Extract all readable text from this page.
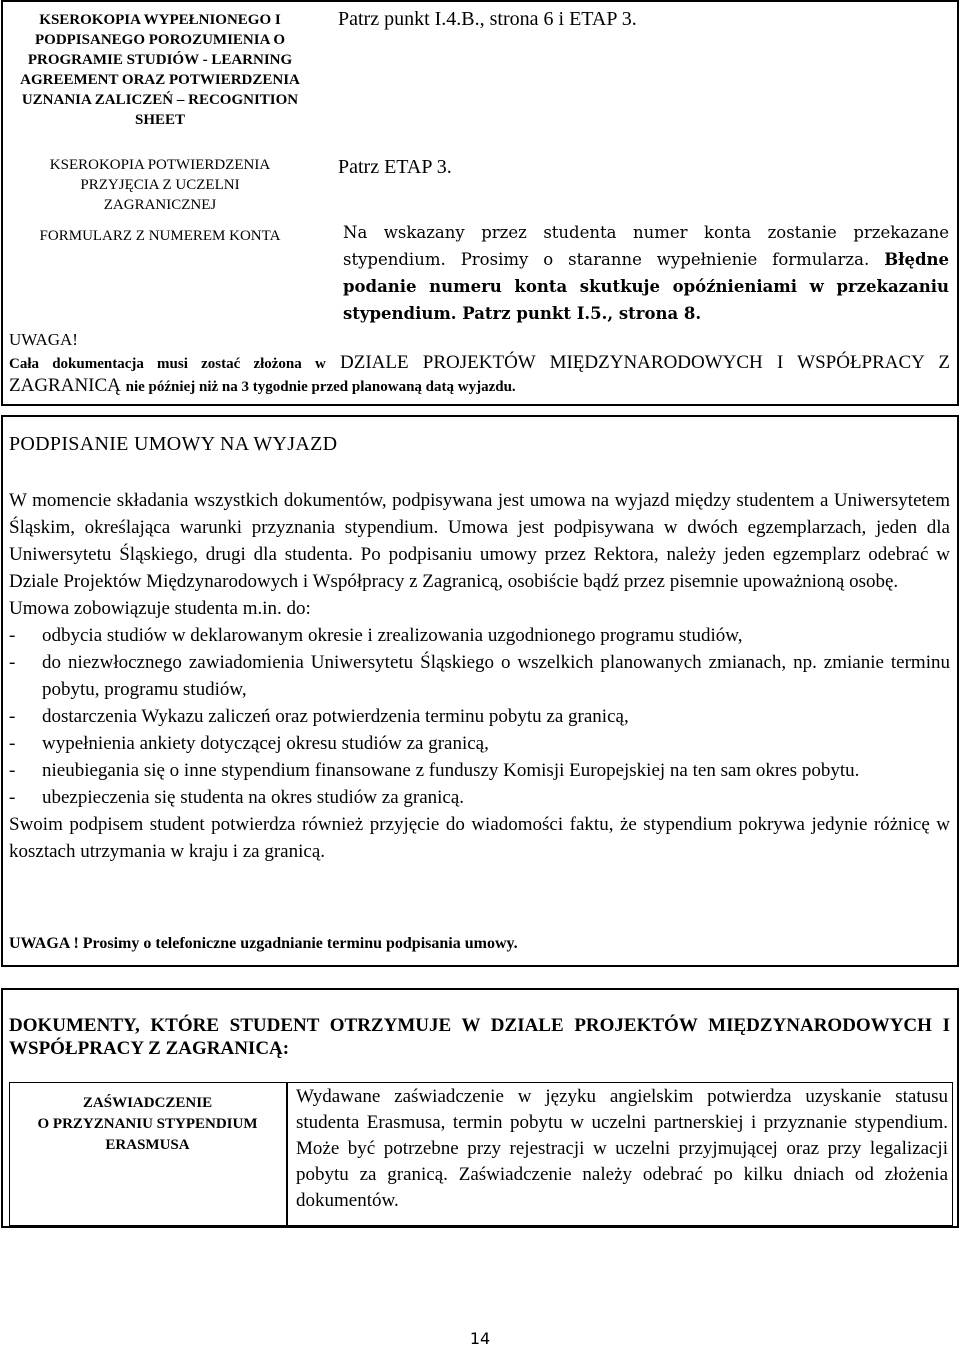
KSEROKOPIA WYPEŁNIONEGO I PODPISANEGO POROZUMIENIA O PROGRAMIE STUDIÓW - LEARNING AGREEMENT ORAZ POTWIERDZENIA UZNANIA ZALICZEŃ – RECOGNITION SHEET
KSEROKOPIA POTWIERDZENIA
PRZYJĘCIA Z UCZELNI ZAGRANICZNEJ
FORMULARZ Z NUMEREM KONTA
Patrz punkt I.4.B., strona 6 i ETAP 3.
Patrz ETAP 3.
Na wskazany przez studenta numer konta zostanie przekazane stypendium. Prosimy o staranne wypełnienie formularza. Błędne podanie numeru konta skutkuje opóźnieniami w przekazaniu stypendium. Patrz punkt I.5., strona 8.
UWAGA!
Cała dokumentacja musi zostać złożona w DZIALE PROJEKTÓW MIĘDZYNARODOWYCH I WSPÓŁPRACY Z ZAGRANICĄ nie później niż na 3 tygodnie przed planowaną datą wyjazdu.
PODPISANIE UMOWY NA WYJAZD

W momencie składania wszystkich dokumentów, podpisywana jest umowa na wyjazd między studentem a Uniwersytetem Śląskim, określająca warunki przyznania stypendium. Umowa jest podpisywana w dwóch egzemplarzach, jeden dla Uniwersytetu Śląskiego, drugi dla studenta. Po podpisaniu umowy przez Rektora, należy jeden egzemplarz odebrać w Dziale Projektów Międzynarodowych i Współpracy z Zagranicą, osobiście bądź przez pisemnie upoważnioną osobę.

Umowa zobowiązuje studenta m.in. do:

- odbycia studiów w deklarowanym okresie i zrealizowania uzgodnionego programu studiów,
- do niezwłocznego zawiadomienia Uniwersytetu Śląskiego o wszelkich planowanych zmianach, np. zmianie terminu pobytu, programu studiów,
- dostarczenia Wykazu zaliczeń oraz potwierdzenia terminu pobytu za granicą,
- wypełnienia ankiety dotyczącej okresu studiów za granicą,
- nieubiegania się o inne stypendium finansowane z funduszy Komisji Europejskiej na ten sam okres pobytu.
- ubezpieczenia się studenta na okres studiów za granicą.

Swoim podpisem student potwierdza również przyjęcie do wiadomości faktu, że stypendium pokrywa jedynie różnicę w kosztach utrzymania w kraju i za granicą.

UWAGA ! Prosimy o telefoniczne uzgadnianie terminu podpisania umowy.
DOKUMENTY, KTÓRE STUDENT OTRZYMUJE W DZIALE PROJEKTÓW MIĘDZYNARODOWYCH I WSPÓŁPRACY Z ZAGRANICĄ:
ZAŚWIADCZENIE
O PRZYZNANIU STYPENDIUM
ERASMUSA
Wydawane zaświadczenie w języku angielskim potwierdza uzyskanie statusu studenta Erasmusa, termin pobytu w uczelni partnerskiej i przyznanie stypendium. Może być potrzebne przy rejestracji w uczelni przyjmującej oraz przy legalizacji pobytu za granicą. Zaświadczenie należy odebrać po kilku dniach od złożenia dokumentów.
14
